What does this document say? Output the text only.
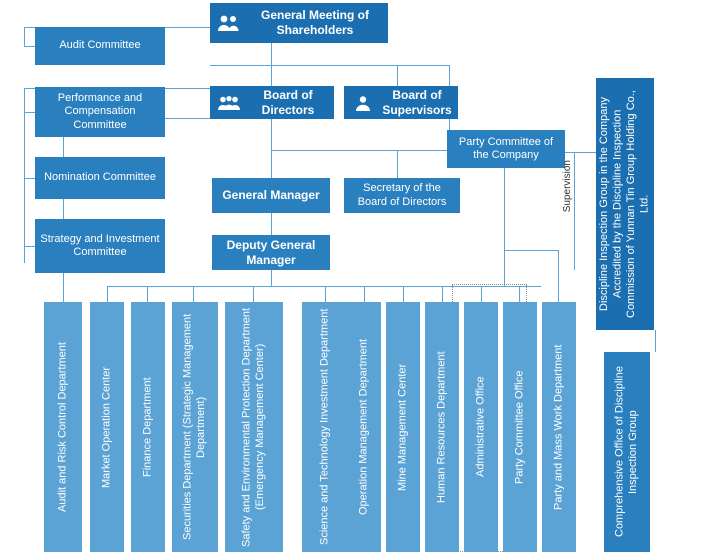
General Meeting of Shareholders
Board of Directors
Board of Supervisors
Audit Committee
Performance and Compensation Committee
Nomination Committee
Strategy and Investment Committee
Party Committee of the Company
General Manager
Secretary of the Board of Directors
Deputy General Manager	Discipline Inspection Group in the Company Accredited by the Discipline Inspection Commission of Yunnan Tin Group Holding Co., Ltd.
Comprehensive Office of Discipline Inspection Group
Supervision
Audit and Risk Control Department	Market Operation Center	Finance Department	Securities Department (Strategic Management Department)	Safety and Environmental Protection Department (Emergency Management Center)	Science and Technology Investment Department Operation Management Department Mine Management Center Human Resources Department Administrative Office Party Committee Office Party and Mass Work Department
